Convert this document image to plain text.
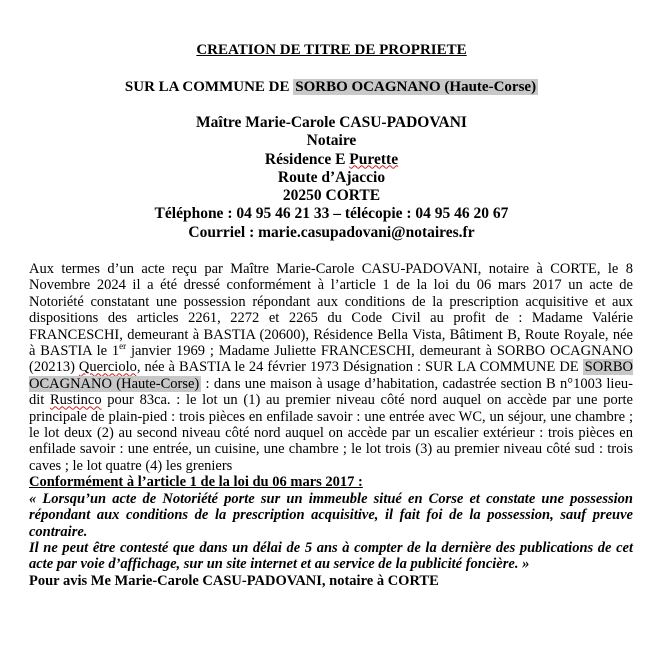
CREATION DE TITRE DE PROPRIETE
SUR LA COMMUNE DE SORBO OCAGNANO (Haute-Corse)
Maître Marie-Carole CASU-PADOVANI
Notaire
Résidence E Purette
Route d’Ajaccio
20250 CORTE
Téléphone : 04 95 46 21 33 – télécopie : 04 95 46 20 67
Courriel : marie.casupadovani@notaires.fr

Aux termes d’un acte reçu par Maître Marie-Carole CASU-PADOVANI, notaire à CORTE, le 8 Novembre 2024 il a été dressé conformément à l’article 1 de la loi du 06 mars 2017 un acte de Notoriété constatant une possession répondant aux conditions de la prescription acquisitive et aux dispositions des articles 2261, 2272 et 2265 du Code Civil au profit de : Madame Valérie FRANCESCHI, demeurant à BASTIA (20600), Résidence Bella Vista, Bâtiment B, Route Royale, née à BASTIA le 1er janvier 1969 ; Madame Juliette FRANCESCHI, demeurant à SORBO OCAGNANO (20213) Querciolo, née à BASTIA le 24 février 1973 Désignation : SUR LA COMMUNE DE SORBO OCAGNANO (Haute-Corse) : dans une maison à usage d’habitation, cadastrée section B n°1003 lieu-dit Rustinco pour 83ca. : le lot un (1) au premier niveau côté nord auquel on accède par une porte principale de plain-pied : trois pièces en enfilade savoir : une entrée avec WC, un séjour, une chambre ; le lot deux (2) au second niveau côté nord auquel on accède par un escalier extérieur : trois pièces en enfilade savoir : une entrée, un cuisine, une chambre ; le lot trois (3) au premier niveau côté sud : trois caves ; le lot quatre (4) les greniers

Conformément à l’article 1 de la loi du 06 mars 2017 :

« Lorsqu’un acte de Notoriété porte sur un immeuble situé en Corse et constate une possession répondant aux conditions de la prescription acquisitive, il fait foi de la possession, sauf preuve contraire.

Il ne peut être contesté que dans un délai de 5 ans à compter de la dernière des publications de cet acte par voie d’affichage, sur un site internet et au service de la publicité foncière. »

Pour avis Me Marie-Carole CASU-PADOVANI, notaire à CORTE
